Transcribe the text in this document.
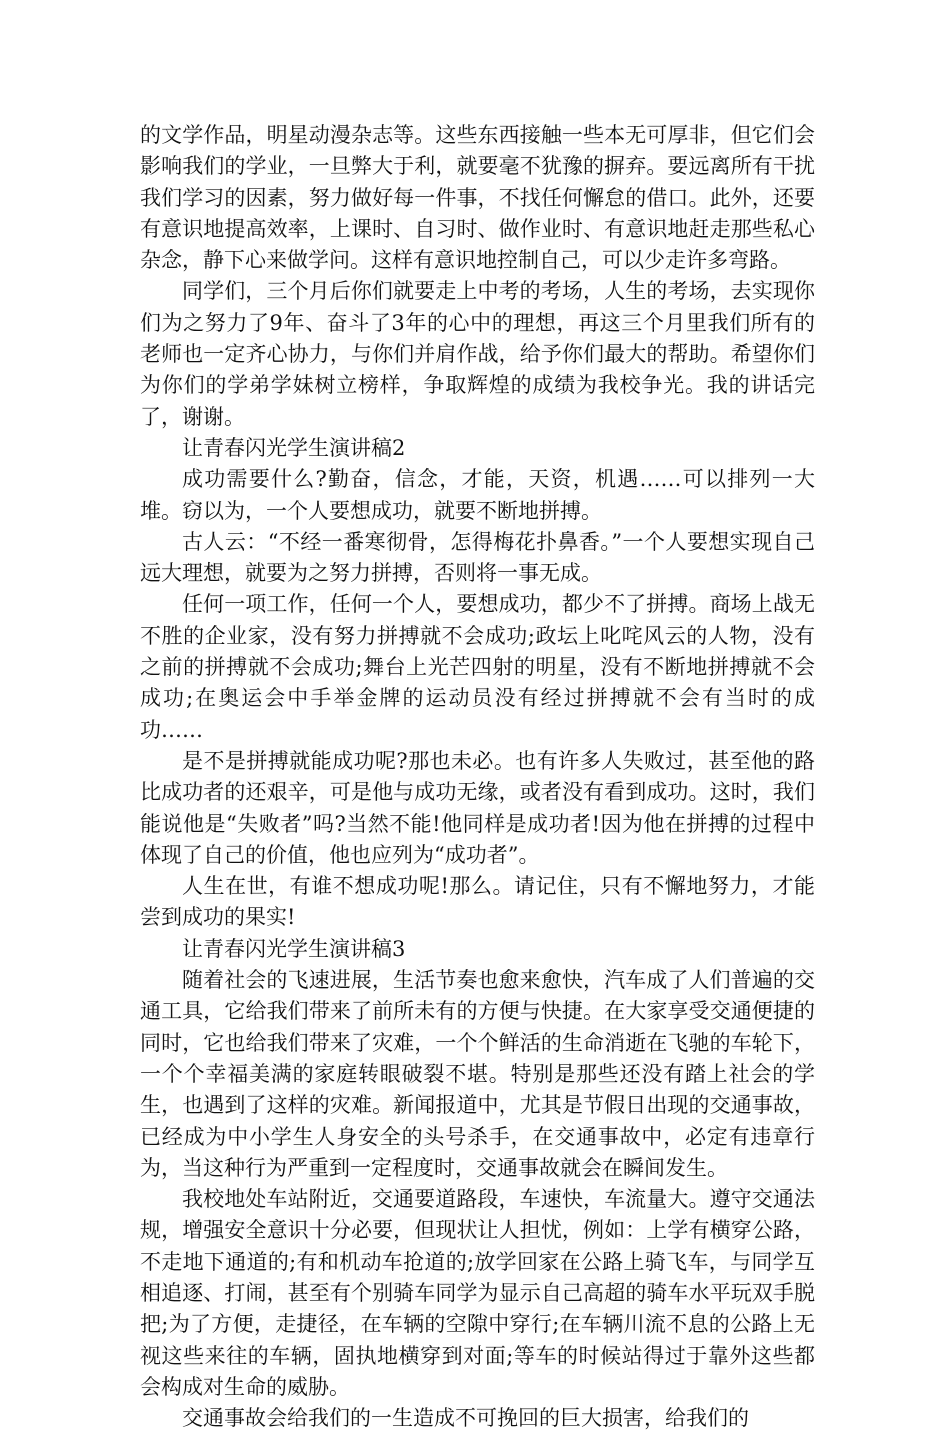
的文学作品，明星动漫杂志等。这些东西接触一些本无可厚非，但它们会影响我们的学业，一旦弊大于利，就要毫不犹豫的摒弃。要远离所有干扰我们学习的因素，努力做好每一件事，不找任何懈怠的借口。此外，还要有意识地提高效率，上课时、自习时、做作业时、有意识地赶走那些私心杂念，静下心来做学问。这样有意识地控制自己，可以少走许多弯路。

同学们，三个月后你们就要走上中考的考场，人生的考场，去实现你们为之努力了9年、奋斗了3年的心中的理想，再这三个月里我们所有的老师也一定齐心协力，与你们并肩作战，给予你们最大的帮助。希望你们为你们的学弟学妹树立榜样，争取辉煌的成绩为我校争光。我的讲话完了，谢谢。

让青春闪光学生演讲稿2

成功需要什么?勤奋，信念，才能，天资，机遇……可以排列一大堆。窃以为，一个人要想成功，就要不断地拼搏。

古人云：“不经一番寒彻骨，怎得梅花扑鼻香。”一个人要想实现自己远大理想，就要为之努力拼搏，否则将一事无成。

任何一项工作，任何一个人，要想成功，都少不了拼搏。商场上战无不胜的企业家，没有努力拼搏就不会成功;政坛上叱咤风云的人物，没有之前的拼搏就不会成功;舞台上光芒四射的明星，没有不断地拼搏就不会成功;在奥运会中手举金牌的运动员没有经过拼搏就不会有当时的成功……

是不是拼搏就能成功呢?那也未必。也有许多人失败过，甚至他的路比成功者的还艰辛，可是他与成功无缘，或者没有看到成功。这时，我们能说他是“失败者”吗?当然不能!他同样是成功者!因为他在拼搏的过程中体现了自己的价值，他也应列为“成功者”。

人生在世，有谁不想成功呢!那么。请记住，只有不懈地努力，才能尝到成功的果实!

让青春闪光学生演讲稿3

随着社会的飞速进展，生活节奏也愈来愈快，汽车成了人们普遍的交通工具，它给我们带来了前所未有的方便与快捷。在大家享受交通便捷的同时，它也给我们带来了灾难，一个个鲜活的生命消逝在飞驰的车轮下，一个个幸福美满的家庭转眼破裂不堪。特别是那些还没有踏上社会的学生，也遇到了这样的灾难。新闻报道中，尤其是节假日出现的交通事故，已经成为中小学生人身安全的头号杀手，在交通事故中，必定有违章行为，当这种行为严重到一定程度时，交通事故就会在瞬间发生。

我校地处车站附近，交通要道路段，车速快，车流量大。遵守交通法规，增强安全意识十分必要，但现状让人担忧，例如：上学有横穿公路，不走地下通道的;有和机动车抢道的;放学回家在公路上骑飞车，与同学互相追逐、打闹，甚至有个别骑车同学为显示自己高超的骑车水平玩双手脱把;为了方便，走捷径，在车辆的空隙中穿行;在车辆川流不息的公路上无视这些来往的车辆，固执地横穿到对面;等车的时候站得过于靠外这些都会构成对生命的威胁。

交通事故会给我们的一生造成不可挽回的巨大损害，给我们的
